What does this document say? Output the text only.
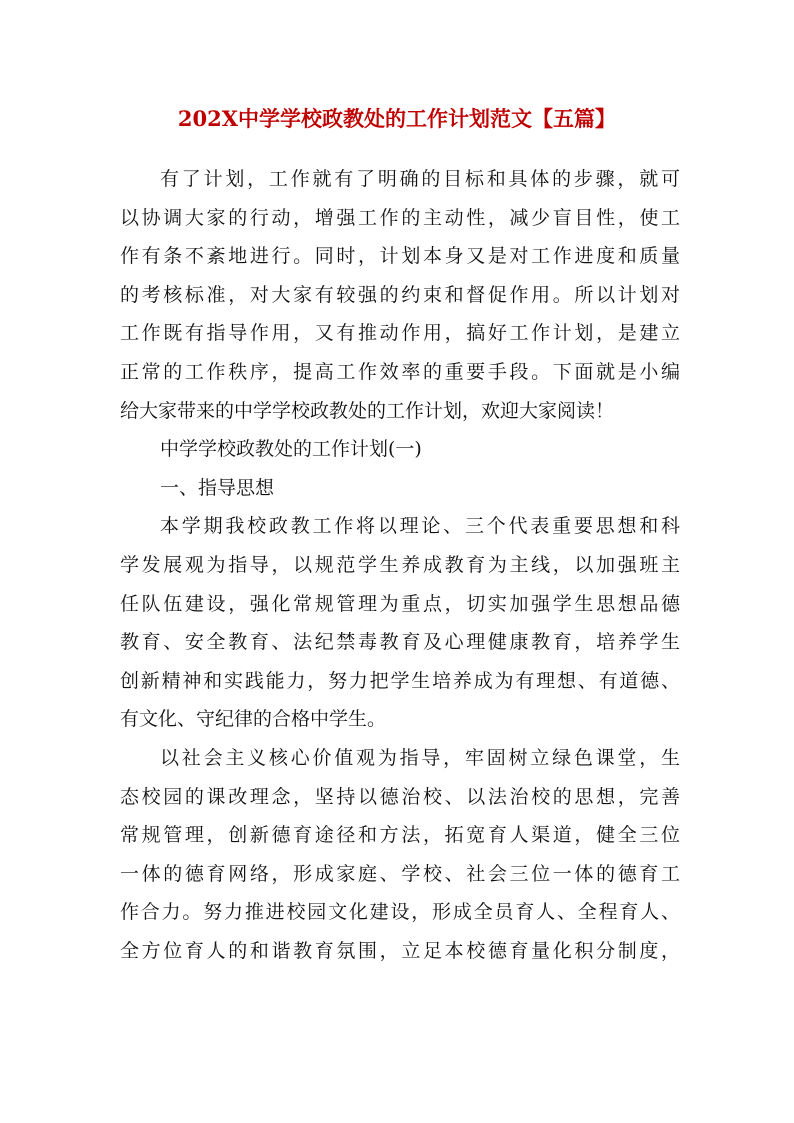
202X中学学校政教处的工作计划范文【五篇】
有了计划，工作就有了明确的目标和具体的步骤，就可
以协调大家的行动，增强工作的主动性，减少盲目性，使工
作有条不紊地进行。同时，计划本身又是对工作进度和质量
的考核标准，对大家有较强的约束和督促作用。所以计划对
工作既有指导作用，又有推动作用，搞好工作计划，是建立
正常的工作秩序，提高工作效率的重要手段。下面就是小编
给大家带来的中学学校政教处的工作计划，欢迎大家阅读！
中学学校政教处的工作计划(一)
一、指导思想
本学期我校政教工作将以理论、三个代表重要思想和科
学发展观为指导，以规范学生养成教育为主线，以加强班主
任队伍建设，强化常规管理为重点，切实加强学生思想品德
教育、安全教育、法纪禁毒教育及心理健康教育，培养学生
创新精神和实践能力，努力把学生培养成为有理想、有道德、
有文化、守纪律的合格中学生。
以社会主义核心价值观为指导，牢固树立绿色课堂，生
态校园的课改理念，坚持以德治校、以法治校的思想，完善
常规管理，创新德育途径和方法，拓宽育人渠道，健全三位
一体的德育网络，形成家庭、学校、社会三位一体的德育工
作合力。努力推进校园文化建设，形成全员育人、全程育人、
全方位育人的和谐教育氛围，立足本校德育量化积分制度，
